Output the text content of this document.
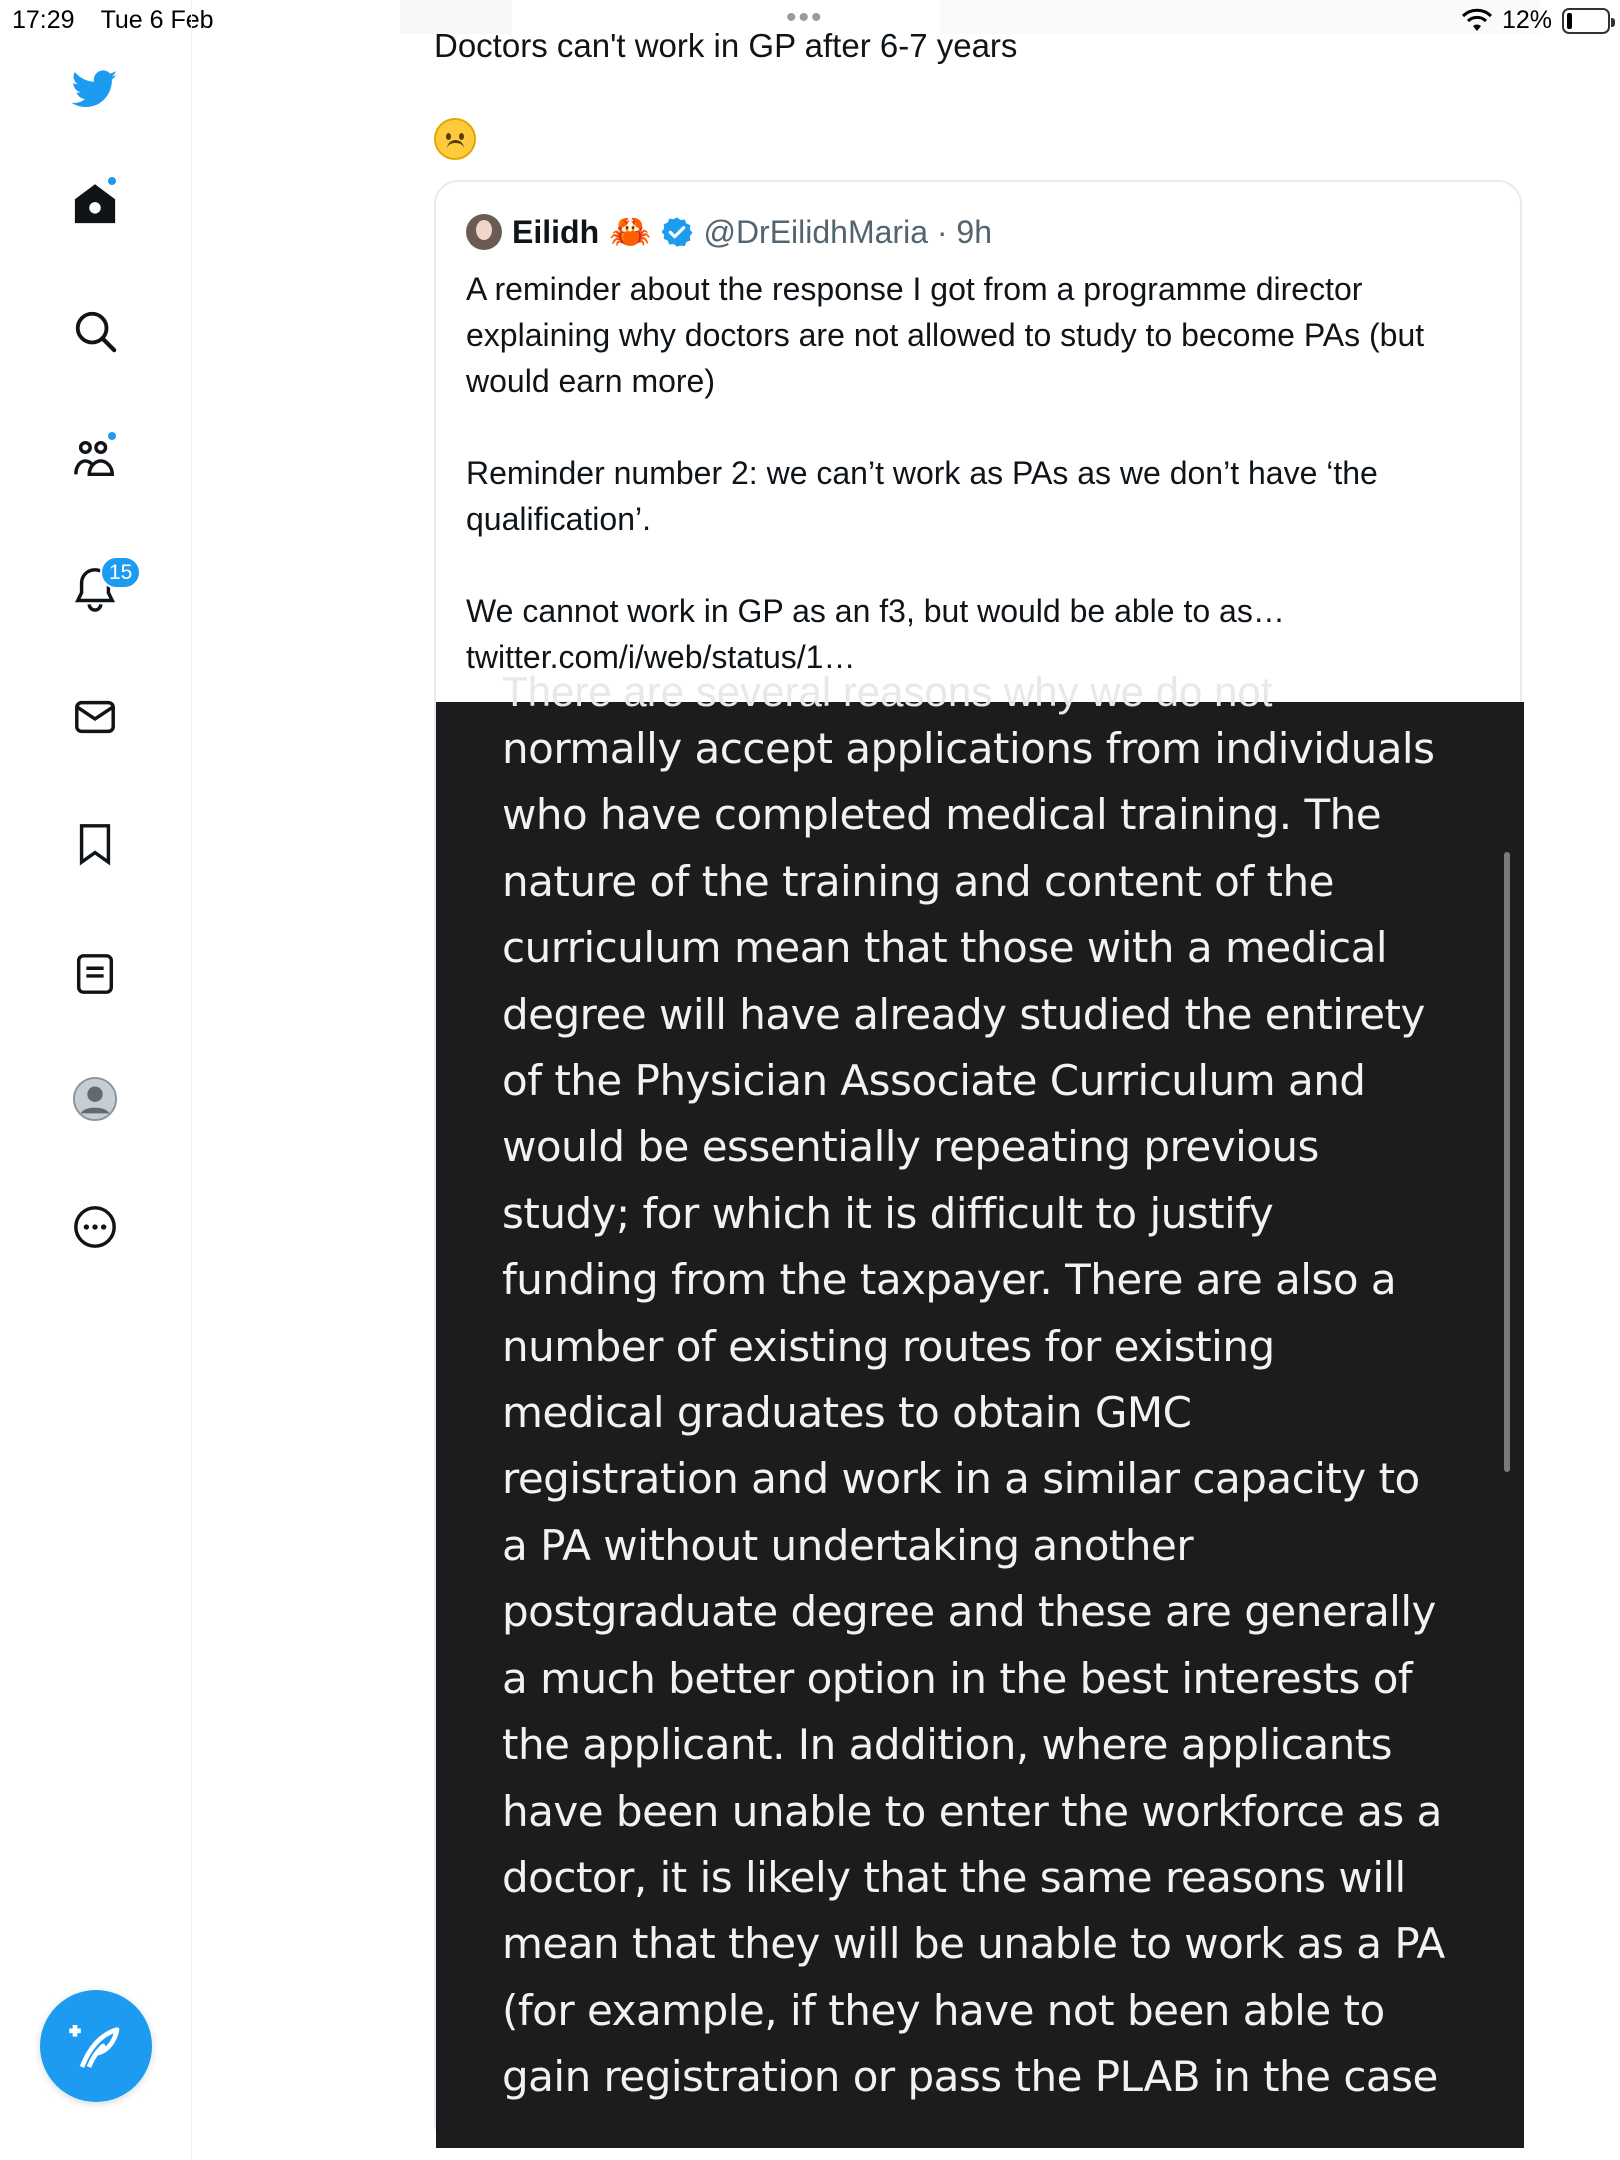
17:29 Tue 6 Feb	•••	12%
15
Doctors can't work in GP after 6-7 years
Eilidh 🦀 @DrEilidhMaria · 9h

A reminder about the response I got from a programme director explaining why doctors are not allowed to study to become PAs (but would earn more)

Reminder number 2: we can’t work as PAs as we don’t have ‘the qualification’.

We cannot work in GP as an f3, but would be able to as… twitter.com/i/web/status/1…

There are several reasons why we do not
normally accept applications from individuals
who have completed medical training. The
nature of the training and content of the
curriculum mean that those with a medical
degree will have already studied the entirety
of the Physician Associate Curriculum and
would be essentially repeating previous
study; for which it is difficult to justify
funding from the taxpayer. There are also a
number of existing routes for existing
medical graduates to obtain GMC
registration and work in a similar capacity to
a PA without undertaking another
postgraduate degree and these are generally
a much better option in the best interests of
the applicant. In addition, where applicants
have been unable to enter the workforce as a
doctor, it is likely that the same reasons will
mean that they will be unable to work as a PA
(for example, if they have not been able to
gain registration or pass the PLAB in the case
